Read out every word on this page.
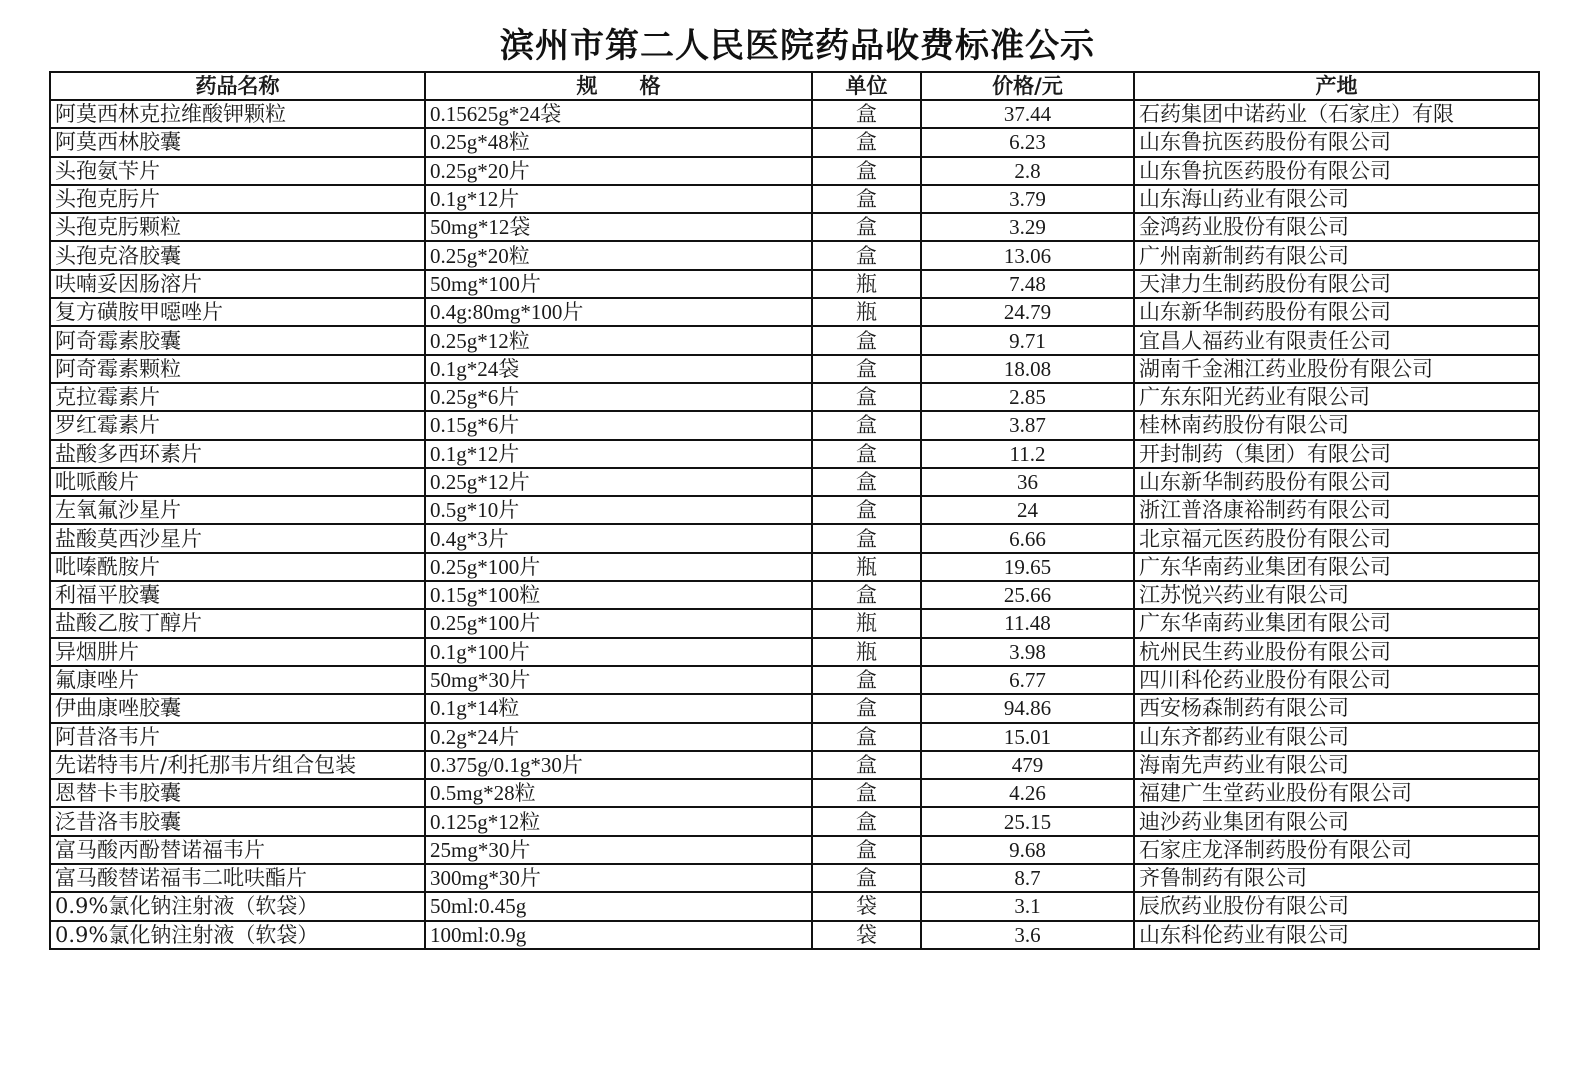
滨州市第二人民医院药品收费标准公示
药品名称	规　　格	单位	价格/元	产地
阿莫西林克拉维酸钾颗粒	0.15625g*24袋	盒	37.44	石药集团中诺药业（石家庄）有限
阿莫西林胶囊	0.25g*48粒	盒	6.23	山东鲁抗医药股份有限公司
头孢氨苄片	0.25g*20片	盒	2.8	山东鲁抗医药股份有限公司
头孢克肟片	0.1g*12片	盒	3.79	山东海山药业有限公司
头孢克肟颗粒	50mg*12袋	盒	3.29	金鸿药业股份有限公司
头孢克洛胶囊	0.25g*20粒	盒	13.06	广州南新制药有限公司
呋喃妥因肠溶片	50mg*100片	瓶	7.48	天津力生制药股份有限公司
复方磺胺甲噁唑片	0.4g:80mg*100片	瓶	24.79	山东新华制药股份有限公司
阿奇霉素胶囊	0.25g*12粒	盒	9.71	宜昌人福药业有限责任公司
阿奇霉素颗粒	0.1g*24袋	盒	18.08	湖南千金湘江药业股份有限公司
克拉霉素片	0.25g*6片	盒	2.85	广东东阳光药业有限公司
罗红霉素片	0.15g*6片	盒	3.87	桂林南药股份有限公司
盐酸多西环素片	0.1g*12片	盒	11.2	开封制药（集团）有限公司
吡哌酸片	0.25g*12片	盒	36	山东新华制药股份有限公司
左氧氟沙星片	0.5g*10片	盒	24	浙江普洛康裕制药有限公司
盐酸莫西沙星片	0.4g*3片	盒	6.66	北京福元医药股份有限公司
吡嗪酰胺片	0.25g*100片	瓶	19.65	广东华南药业集团有限公司
利福平胶囊	0.15g*100粒	盒	25.66	江苏悦兴药业有限公司
盐酸乙胺丁醇片	0.25g*100片	瓶	11.48	广东华南药业集团有限公司
异烟肼片	0.1g*100片	瓶	3.98	杭州民生药业股份有限公司
氟康唑片	50mg*30片	盒	6.77	四川科伦药业股份有限公司
伊曲康唑胶囊	0.1g*14粒	盒	94.86	西安杨森制药有限公司
阿昔洛韦片	0.2g*24片	盒	15.01	山东齐都药业有限公司
先诺特韦片/利托那韦片组合包装	0.375g/0.1g*30片	盒	479	海南先声药业有限公司
恩替卡韦胶囊	0.5mg*28粒	盒	4.26	福建广生堂药业股份有限公司
泛昔洛韦胶囊	0.125g*12粒	盒	25.15	迪沙药业集团有限公司
富马酸丙酚替诺福韦片	25mg*30片	盒	9.68	石家庄龙泽制药股份有限公司
富马酸替诺福韦二吡呋酯片	300mg*30片	盒	8.7	齐鲁制药有限公司
0.9%氯化钠注射液（软袋）	50ml:0.45g	袋	3.1	辰欣药业股份有限公司
0.9%氯化钠注射液（软袋）	100ml:0.9g	袋	3.6	山东科伦药业有限公司
